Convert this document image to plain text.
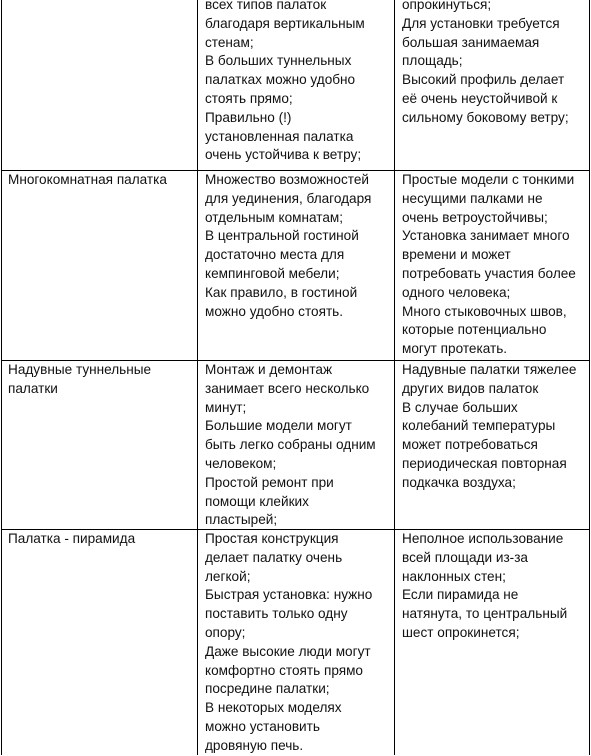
всех типов палаток
благодаря вертикальным
стенам;
В больших туннельных
палатках можно удобно
стоять прямо;
Правильно (!)
установленная палатка
очень устойчива к ветру;
опрокинуться;
Для установки требуется
большая занимаемая
площадь;
Высокий профиль делает
её очень неустойчивой к
сильному боковому ветру;
Многокомнатная палатка	Множество возможностей
для уединения, благодаря
отдельным комнатам;
В центральной гостиной
достаточно места для
кемпинговой мебели;
Как правило, в гостиной
можно удобно стоять.
Простые модели с тонкими
несущими палками не
очень ветроустойчивы;
Установка занимает много
времени и может
потребовать участия более
одного человека;
Много стыковочных швов,
которые потенциально
могут протекать.
Надувные туннельные
палатки
Монтаж и демонтаж
занимает всего несколько
минут;
Большие модели могут
быть легко собраны одним
человеком;
Простой ремонт при
помощи клейких
пластырей;
Надувные палатки тяжелее
других видов палаток
В случае больших
колебаний температуры
может потребоваться
периодическая повторная
подкачка воздуха;
Палатка - пирамида	Простая конструкция
делает палатку очень
легкой;
Быстрая установка: нужно
поставить только одну
опору;
Даже высокие люди могут
комфортно стоять прямо
посредине палатки;
В некоторых моделях
можно установить
дровяную печь.
Неполное использование
всей площади из-за
наклонных стен;
Если пирамида не
натянута, то центральный
шест опрокинется;
